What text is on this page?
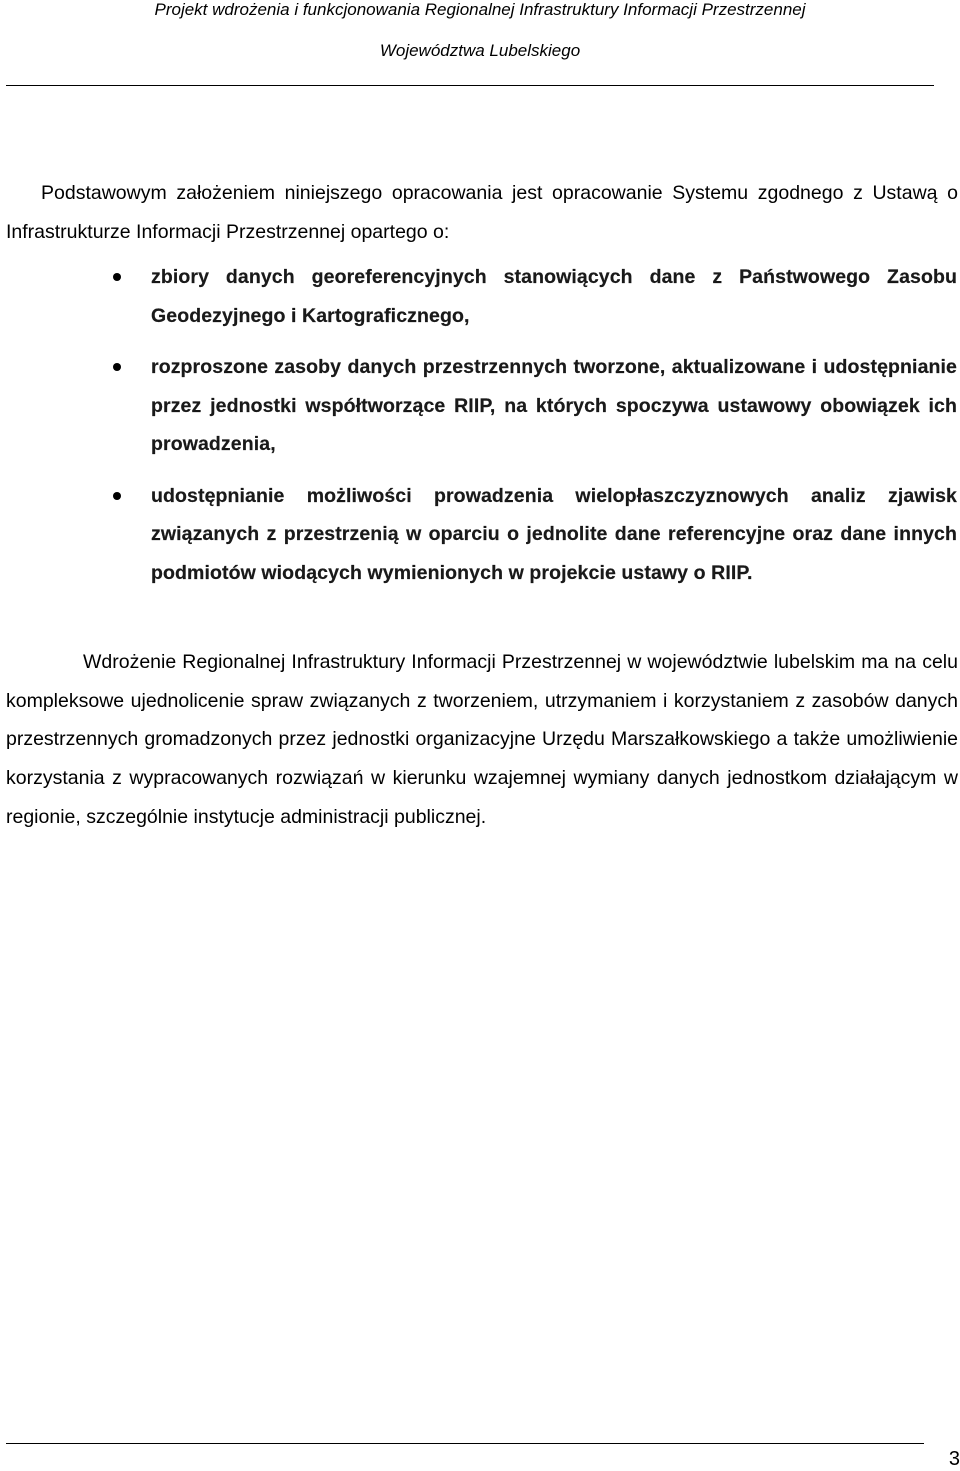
Projekt wdrożenia i funkcjonowania Regionalnej Infrastruktury Informacji Przestrzennej
Województwa Lubelskiego

Podstawowym założeniem niniejszego opracowania jest opracowanie Systemu zgodnego z Ustawą o Infrastrukturze Informacji Przestrzennej opartego o:

zbiory danych georeferencyjnych stanowiących dane z Państwowego Zasobu Geodezyjnego i Kartograficznego,
rozproszone zasoby danych przestrzennych tworzone, aktualizowane i udostępnianie przez jednostki współtworzące RIIP, na których spoczywa ustawowy obowiązek ich prowadzenia,
udostępnianie możliwości prowadzenia wielopłaszczyznowych analiz zjawisk związanych z przestrzenią w oparciu o jednolite dane referencyjne oraz dane innych podmiotów wiodących wymienionych w projekcie ustawy o RIIP.

Wdrożenie Regionalnej Infrastruktury Informacji Przestrzennej w województwie lubelskim ma na celu kompleksowe ujednolicenie spraw związanych z tworzeniem, utrzymaniem i korzystaniem z zasobów danych przestrzennych gromadzonych przez jednostki organizacyjne Urzędu Marszałkowskiego a także umożliwienie korzystania z wypracowanych rozwiązań w kierunku wzajemnej wymiany danych jednostkom działającym w regionie, szczególnie instytucje administracji publicznej.

3
